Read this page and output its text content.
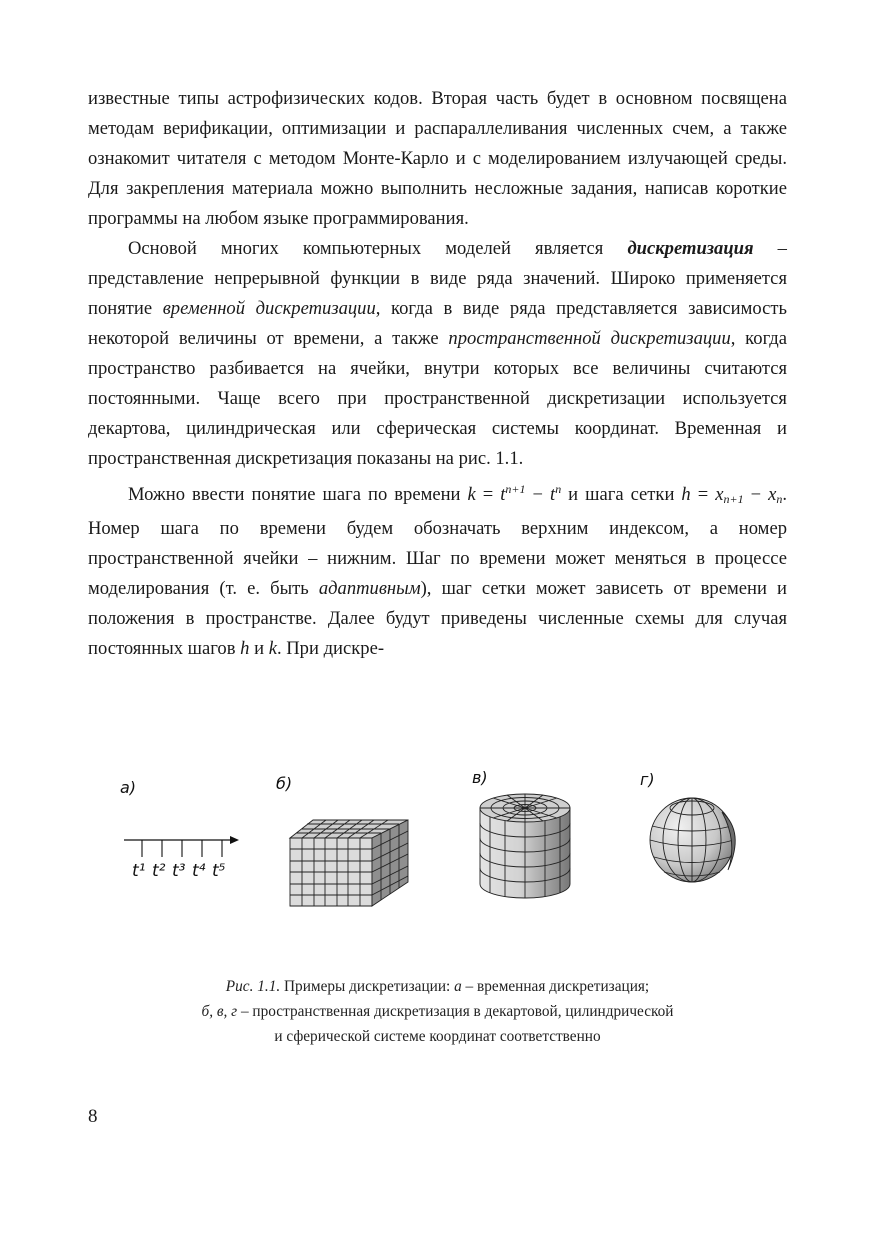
известные типы астрофизических кодов. Вторая часть будет в основном посвящена методам верификации, оптимизации и распараллеливания численных счем, а также ознакомит читателя с методом Монте-Карло и с моделированием излучающей среды. Для закрепления материала можно выполнить несложные задания, написав короткие программы на любом языке программирования.

Основой многих компьютерных моделей является дискретизация – представление непрерывной функции в виде ряда значений. Широко применяется понятие временной дискретизации, когда в виде ряда представляется зависимость некоторой величины от времени, а также пространственной дискретизации, когда пространство разбивается на ячейки, внутри которых все величины считаются постоянными. Чаще всего при пространственной дискретизации используется декартова, цилиндрическая или сферическая системы координат. Временная и пространственная дискретизация показаны на рис. 1.1.

Можно ввести понятие шага по времени $k = t^{n+1} - t^n$ и шага сетки $h = x_{n+1} - x_n$. Номер шага по времени будем обозначать верхним индексом, а номер пространственной ячейки – нижним. Шаг по времени может меняться в процессе моделирования (т. е. быть адаптивным), шаг сетки может зависеть от времени и положения в пространстве. Далее будут приведены численные схемы для случая постоянных шагов h и k. При дискре-

а)	б)	в)	г)
t¹ t² t³ t⁴ t⁵
Рис. 1.1. Примеры дискретизации: а – временная дискретизация;
б, в, г – пространственная дискретизация в декартовой, цилиндрической
и сферической системе координат соответственно
8
